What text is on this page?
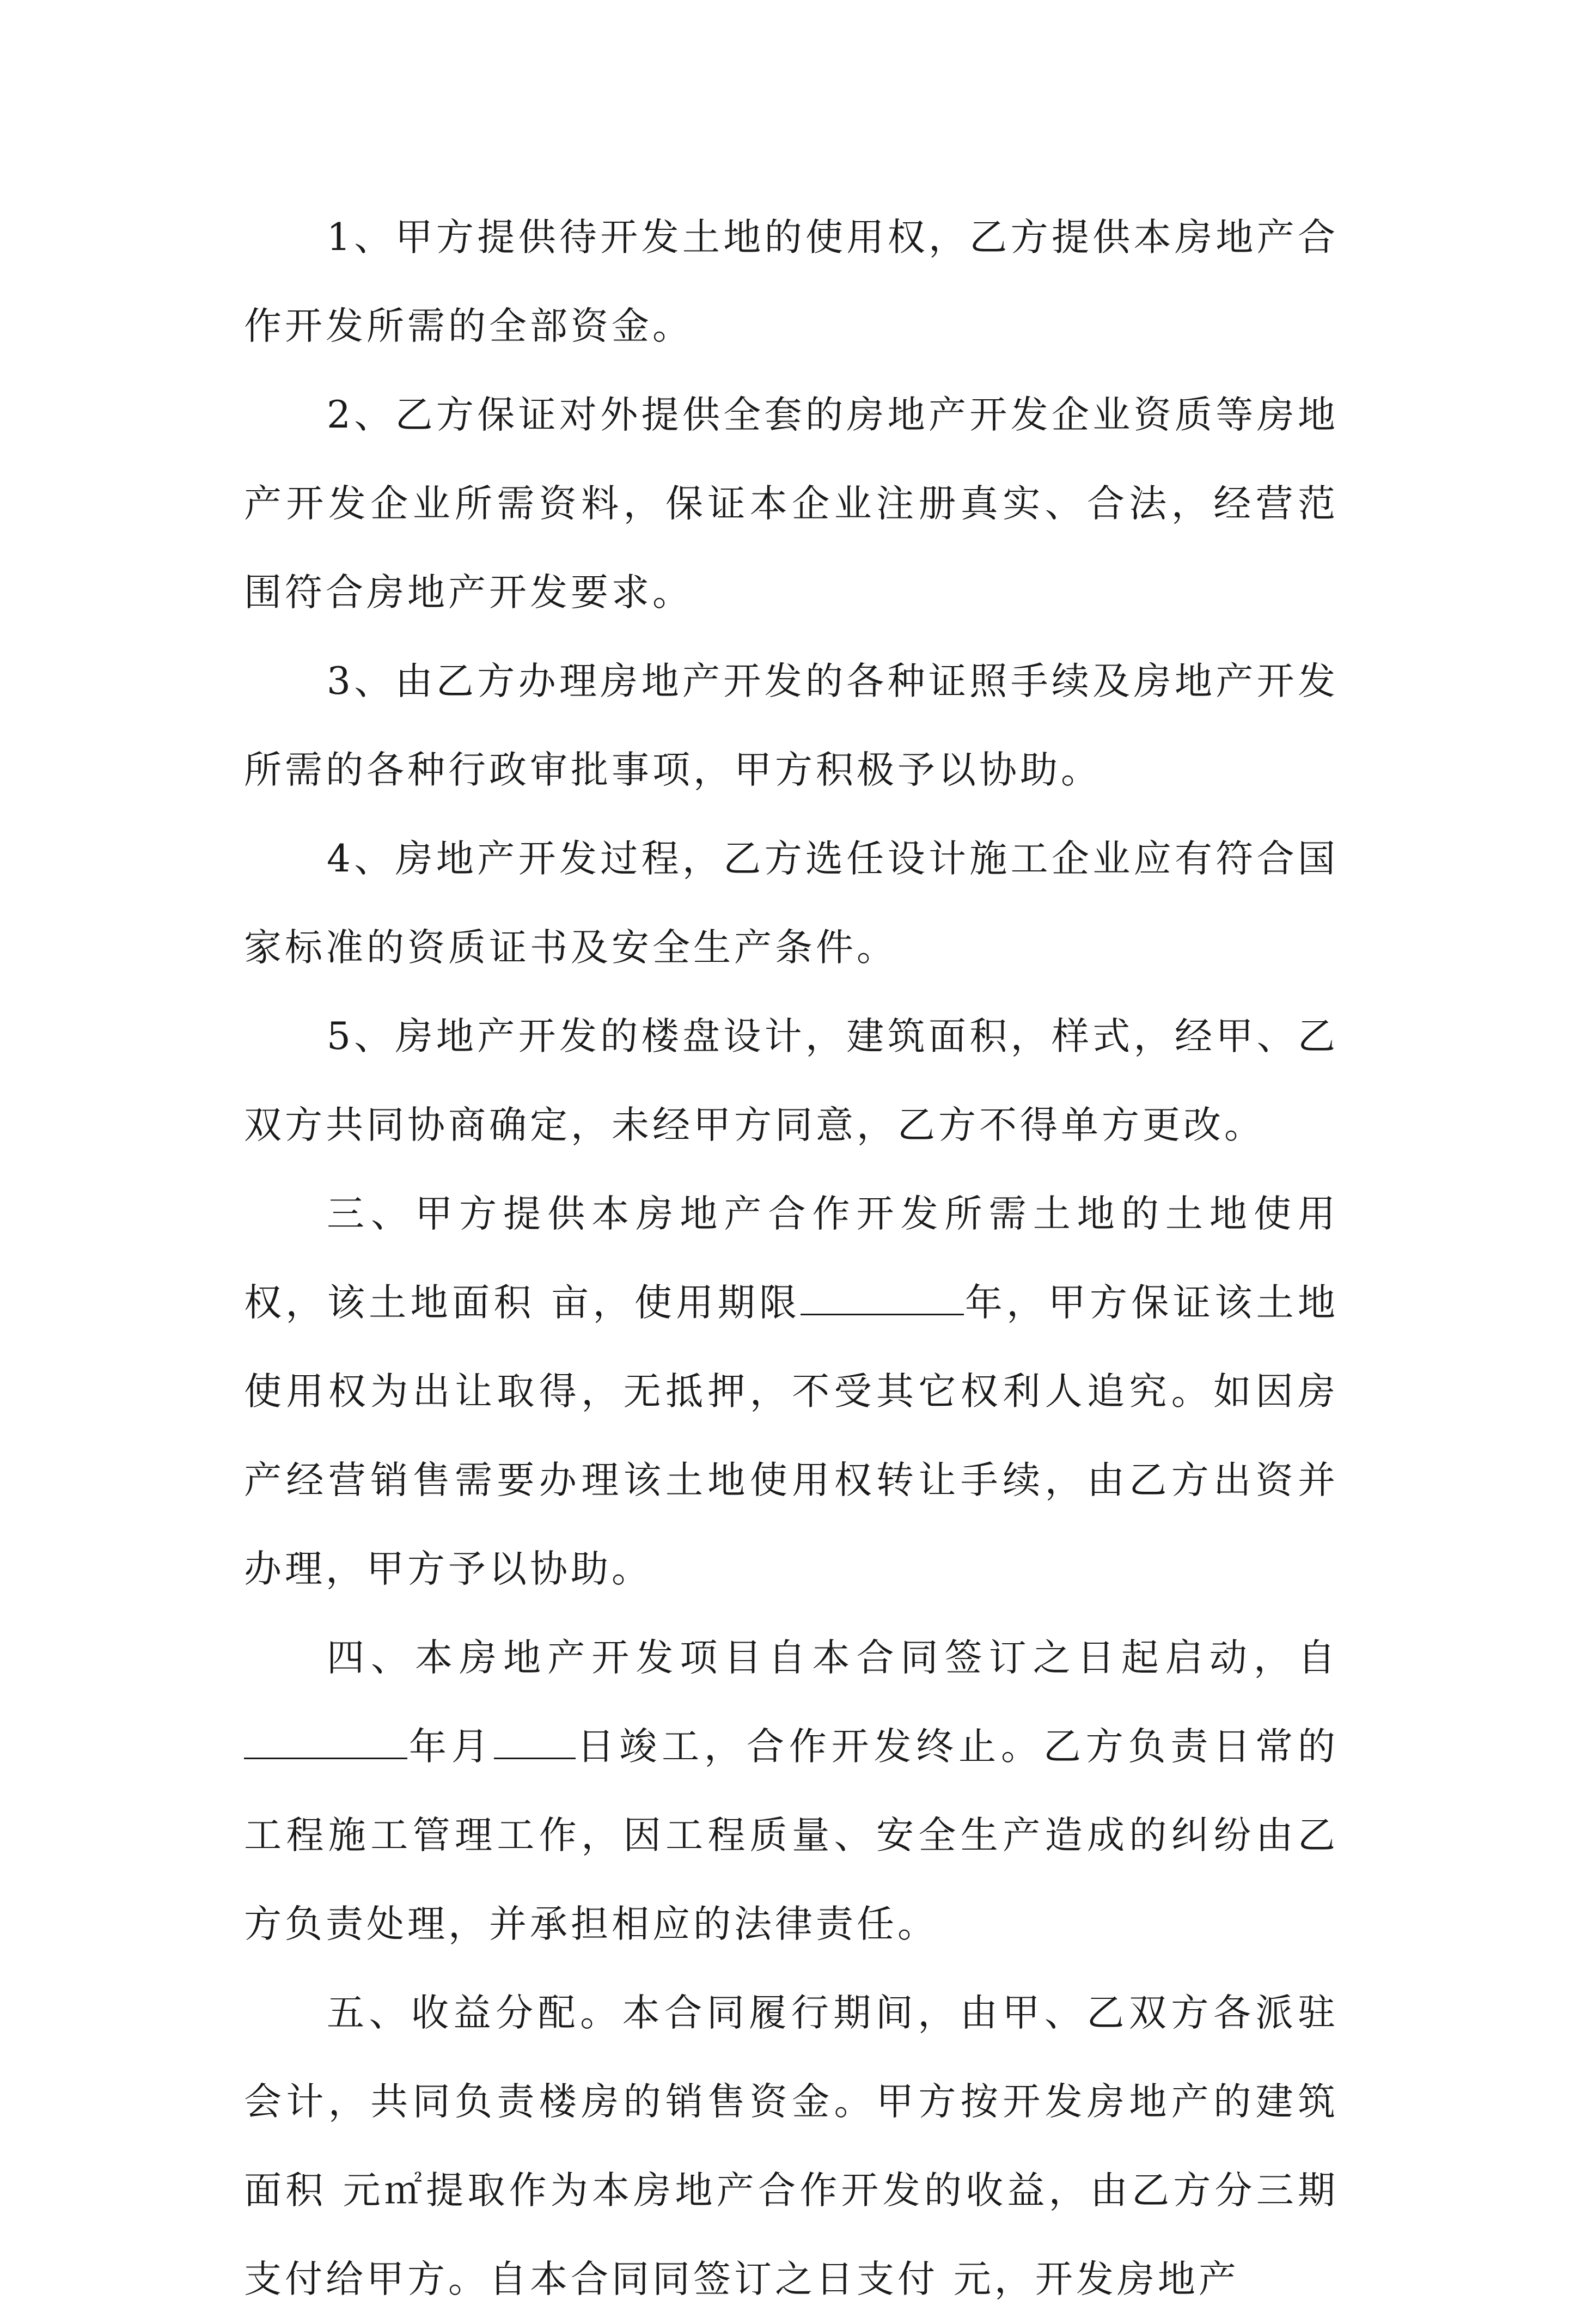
1、甲方提供待开发土地的使用权，乙方提供本房地产合作开发所需的全部资金。

2、乙方保证对外提供全套的房地产开发企业资质等房地产开发企业所需资料，保证本企业注册真实、合法，经营范围符合房地产开发要求。

3、由乙方办理房地产开发的各种证照手续及房地产开发所需的各种行政审批事项，甲方积极予以协助。

4、房地产开发过程，乙方选任设计施工企业应有符合国家标准的资质证书及安全生产条件。

5、房地产开发的楼盘设计，建筑面积，样式，经甲、乙双方共同协商确定，未经甲方同意，乙方不得单方更改。

三、甲方提供本房地产合作开发所需土地的土地使用权，该土地面积 亩，使用期限	年，甲方保证该土地使用权为出让取得，无抵押，不受其它权利人追究。如因房产经营销售需要办理该土地使用权转让手续，由乙方出资并办理，甲方予以协助。

四、本房地产开发项目自本合同签订之日起启动，自年月 日竣工，合作开发终止。乙方负责日常的工程施工管理工作，因工程质量、安全生产造成的纠纷由乙方负责处理，并承担相应的法律责任。

五、收益分配。本合同履行期间，由甲、乙双方各派驻会计，共同负责楼房的销售资金。甲方按开发房地产的建筑面积 元㎡提取作为本房地产合作开发的收益，由乙方分三期支付给甲方。自本合同同签订之日支付 元，开发房地产
